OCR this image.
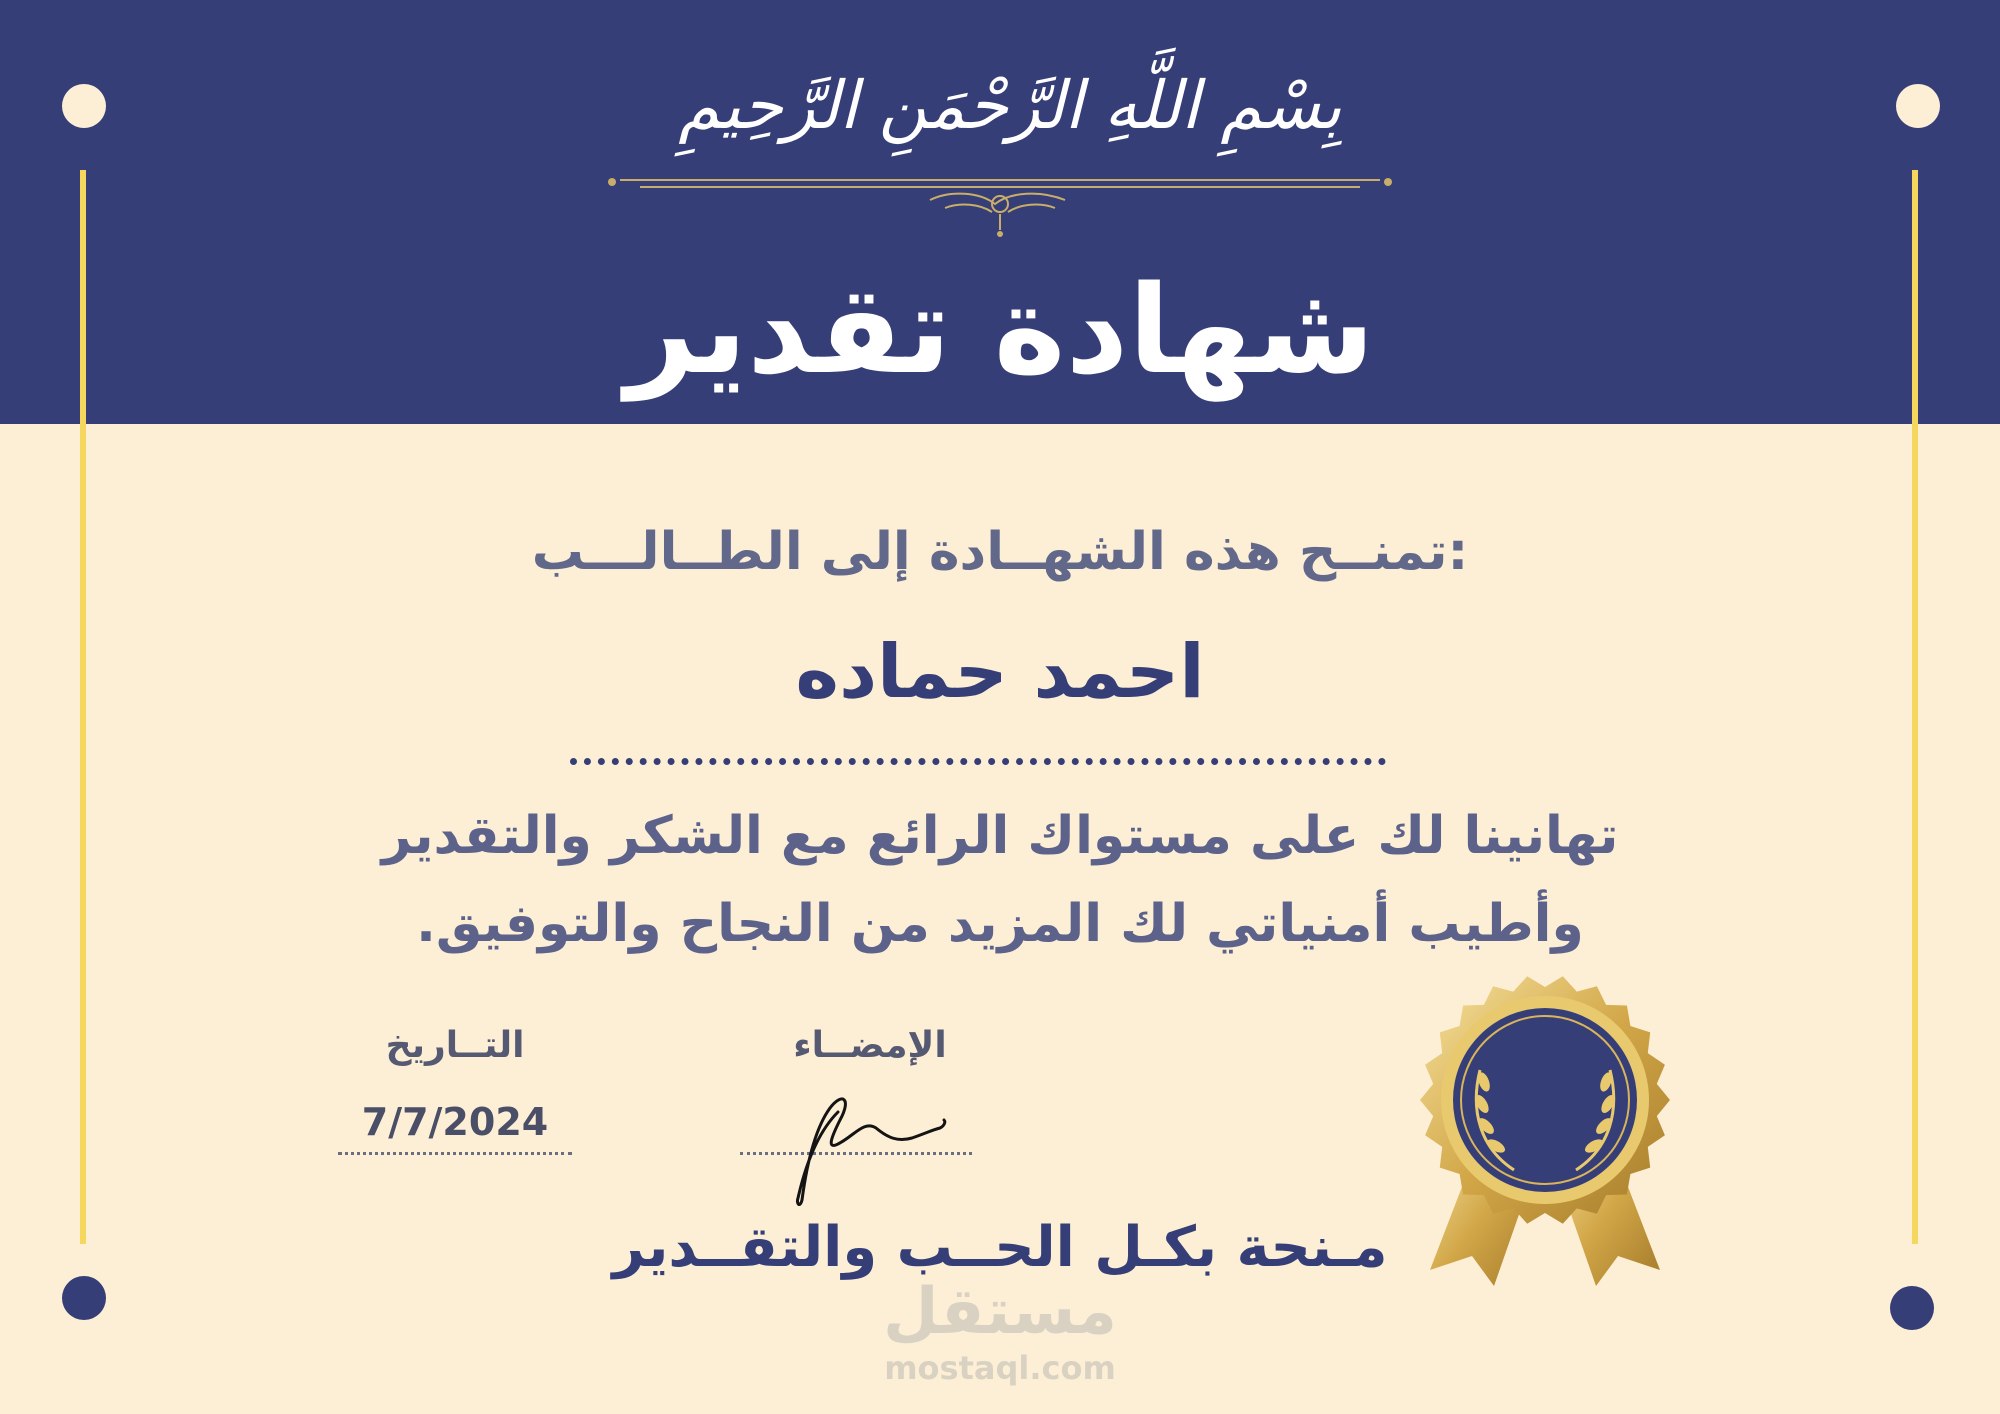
بِسْمِ اللَّهِ الرَّحْمَنِ الرَّحِيمِ
شهادة تقدير
تمنــح هذه الشهــادة إلى الطــالـــب:
احمد حماده
تهانينا لك على مستواك الرائع مع الشكر والتقدير
وأطيب أمنياتي لك المزيد من النجاح والتوفيق.
التــاريخ
7/7/2024
الإمضــاء
مـنحة بكـل الحــب والتقــدير
مستقل
mostaql.com
